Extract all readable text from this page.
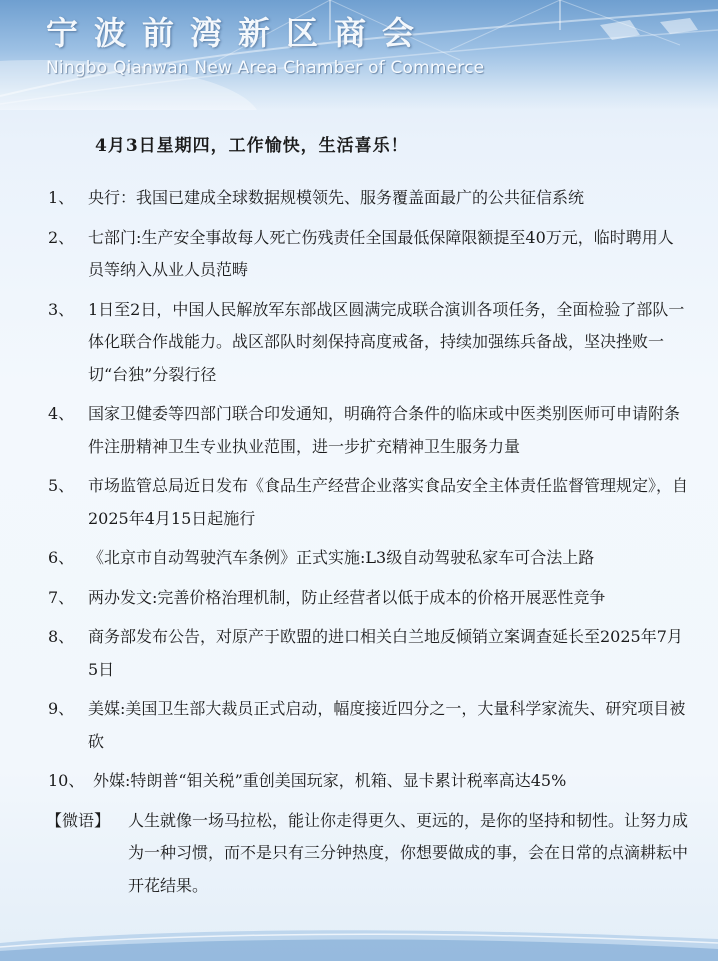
宁波前湾新区商会
Ningbo Qianwan New Area Chamber of Commerce
4月3日星期四，工作愉快，生活喜乐！
1、 央行：我国已建成全球数据规模领先、服务覆盖面最广的公共征信系统
2、 七部门:生产安全事故每人死亡伤残责任全国最低保障限额提至40万元，临时聘用人员等纳入从业人员范畴
3、 1日至2日，中国人民解放军东部战区圆满完成联合演训各项任务，全面检验了部队一体化联合作战能力。战区部队时刻保持高度戒备，持续加强练兵备战，坚决挫败一切“台独”分裂行径
4、 国家卫健委等四部门联合印发通知，明确符合条件的临床或中医类别医师可申请附条件注册精神卫生专业执业范围，进一步扩充精神卫生服务力量
5、 市场监管总局近日发布《食品生产经营企业落实食品安全主体责任监督管理规定》，自2025年4月15日起施行
6、 《北京市自动驾驶汽车条例》正式实施:L3级自动驾驶私家车可合法上路
7、 两办发文:完善价格治理机制，防止经营者以低于成本的价格开展恶性竞争
8、 商务部发布公告，对原产于欧盟的进口相关白兰地反倾销立案调查延长至2025年7月5日
9、 美媒:美国卫生部大裁员正式启动，幅度接近四分之一，大量科学家流失、研究项目被砍
10、 外媒:特朗普“钼关税”重创美国玩家，机箱、显卡累计税率高达45%
【微语】	人生就像一场马拉松，能让你走得更久、更远的，是你的坚持和韧性。让努力成为一种习惯，而不是只有三分钟热度，你想要做成的事，会在日常的点滴耕耘中开花结果。
